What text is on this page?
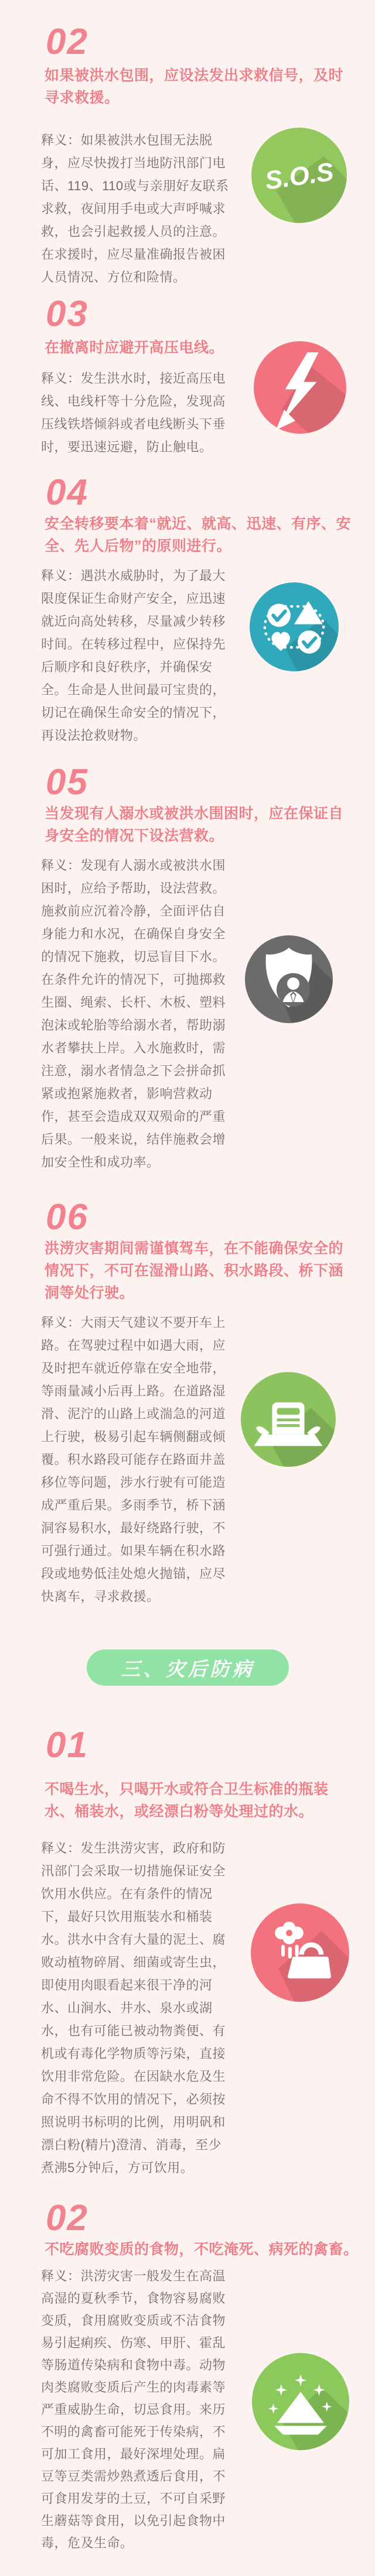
02
如果被洪水包围，应设法发出求救信号，及时寻求救援。

释义：如果被洪水包围无法脱身，应尽快拨打当地防汛部门电话、119、110或与亲朋好友联系求救，夜间用手电或大声呼喊求救，也会引起救援人员的注意。在求援时，应尽量准确报告被困人员情况、方位和险情。

S.O.S
03
在撤离时应避开高压电线。

释义：发生洪水时，接近高压电线、电线杆等十分危险，发现高压线铁塔倾斜或者电线断头下垂时，要迅速远避，防止触电。

04
安全转移要本着“就近、就高、迅速、有序、安全、先人后物”的原则进行。

释义：遇洪水威胁时，为了最大限度保证生命财产安全，应迅速就近向高处转移，尽量减少转移时间。在转移过程中，应保持先后顺序和良好秩序，并确保安全。生命是人世间最可宝贵的，切记在确保生命安全的情况下，再设法抢救财物。

05
当发现有人溺水或被洪水围困时，应在保证自身安全的情况下设法营救。

释义：发现有人溺水或被洪水围困时，应给予帮助，设法营救。施救前应沉着冷静，全面评估自身能力和水况，在确保自身安全的情况下施救，切忌盲目下水。在条件允许的情况下，可抛掷救生圈、绳索、长杆、木板、塑料泡沫或轮胎等给溺水者，帮助溺水者攀扶上岸。入水施救时，需注意，溺水者情急之下会拼命抓紧或抱紧施救者，影响营救动作，甚至会造成双双殒命的严重后果。一般来说，结伴施救会增加安全性和成功率。

06
洪涝灾害期间需谨慎驾车，在不能确保安全的情况下，不可在湿滑山路、积水路段、桥下涵洞等处行驶。

释义：大雨天气建议不要开车上路。在驾驶过程中如遇大雨，应及时把车就近停靠在安全地带，等雨量减小后再上路。在道路湿滑、泥泞的山路上或湍急的河道上行驶，极易引起车辆侧翻或倾覆。积水路段可能存在路面井盖移位等问题，涉水行驶有可能造成严重后果。多雨季节，桥下涵洞容易积水，最好绕路行驶，不可强行通过。如果车辆在积水路段或地势低洼处熄火抛锚，应尽快离车，寻求救援。

三、灾后防病
01
不喝生水，只喝开水或符合卫生标准的瓶装水、桶装水，或经漂白粉等处理过的水。

释义：发生洪涝灾害，政府和防汛部门会采取一切措施保证安全饮用水供应。在有条件的情况下，最好只饮用瓶装水和桶装水。洪水中含有大量的泥土、腐败动植物碎屑、细菌或寄生虫，即使用肉眼看起来很干净的河水、山涧水、井水、泉水或湖水，也有可能已被动物粪便、有机或有毒化学物质等污染，直接饮用非常危险。在因缺水危及生命不得不饮用的情况下，必须按照说明书标明的比例，用明矾和漂白粉(精片)澄清、消毒，至少煮沸5分钟后，方可饮用。

02
不吃腐败变质的食物，不吃淹死、病死的禽畜。

释义：洪涝灾害一般发生在高温高湿的夏秋季节，食物容易腐败变质，食用腐败变质或不洁食物易引起痢疾、伤寒、甲肝、霍乱等肠道传染病和食物中毒。动物肉类腐败变质后产生的肉毒素等严重威胁生命，切忌食用。来历不明的禽畜可能死于传染病，不可加工食用，最好深埋处理。扁豆等豆类需炒熟煮透后食用，不可食用发芽的土豆，不可自采野生蘑菇等食用，以免引起食物中毒，危及生命。
